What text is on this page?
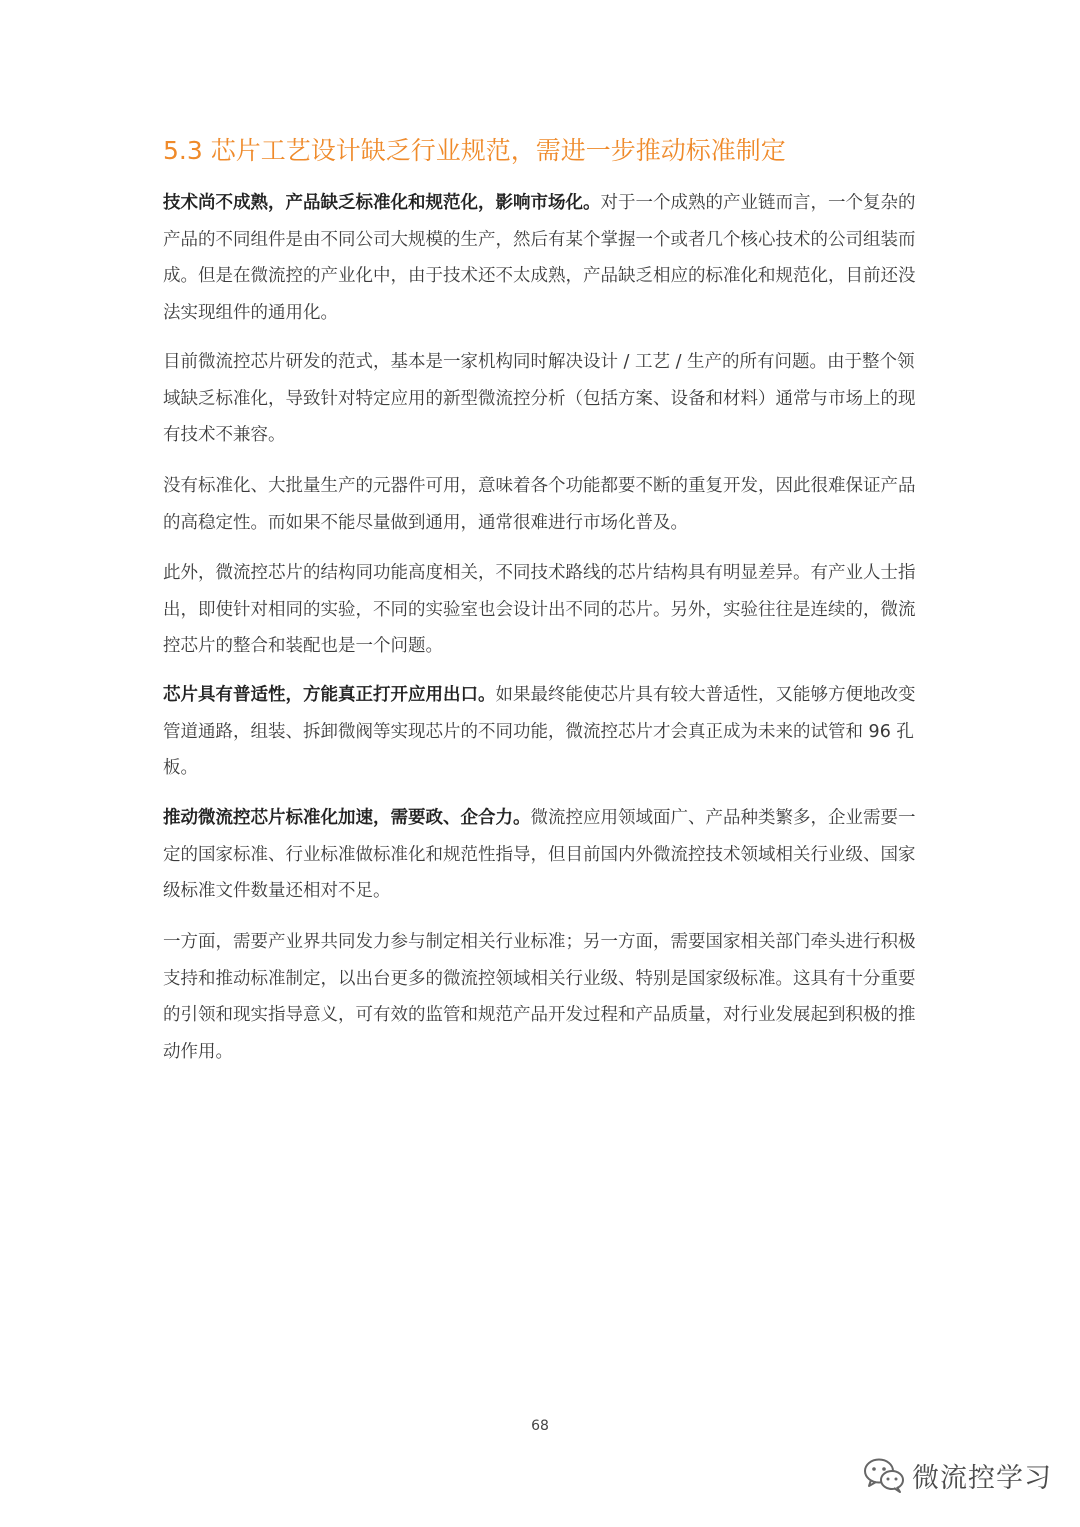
5.3 芯片工艺设计缺乏行业规范，需进一步推动标准制定

技术尚不成熟，产品缺乏标准化和规范化，影响市场化。对于一个成熟的产业链而言，一个复杂的产品的不同组件是由不同公司大规模的生产，然后有某个掌握一个或者几个核心技术的公司组装而成。但是在微流控的产业化中，由于技术还不太成熟，产品缺乏相应的标准化和规范化，目前还没法实现组件的通用化。

目前微流控芯片研发的范式，基本是一家机构同时解决设计 / 工艺 / 生产的所有问题。由于整个领域缺乏标准化，导致针对特定应用的新型微流控分析（包括方案、设备和材料）通常与市场上的现有技术不兼容。

没有标准化、大批量生产的元器件可用，意味着各个功能都要不断的重复开发，因此很难保证产品的高稳定性。而如果不能尽量做到通用，通常很难进行市场化普及。

此外，微流控芯片的结构同功能高度相关，不同技术路线的芯片结构具有明显差异。有产业人士指出，即使针对相同的实验，不同的实验室也会设计出不同的芯片。另外，实验往往是连续的，微流控芯片的整合和装配也是一个问题。

芯片具有普适性，方能真正打开应用出口。如果最终能使芯片具有较大普适性，又能够方便地改变管道通路，组装、拆卸微阀等实现芯片的不同功能，微流控芯片才会真正成为未来的试管和 96 孔板。

推动微流控芯片标准化加速，需要政、企合力。微流控应用领域面广、产品种类繁多，企业需要一定的国家标准、行业标准做标准化和规范性指导，但目前国内外微流控技术领域相关行业级、国家级标准文件数量还相对不足。

一方面，需要产业界共同发力参与制定相关行业标准；另一方面，需要国家相关部门牵头进行积极支持和推动标准制定，以出台更多的微流控领域相关行业级、特别是国家级标准。这具有十分重要的引领和现实指导意义，可有效的监管和规范产品开发过程和产品质量，对行业发展起到积极的推动作用。

68
微流控学习
